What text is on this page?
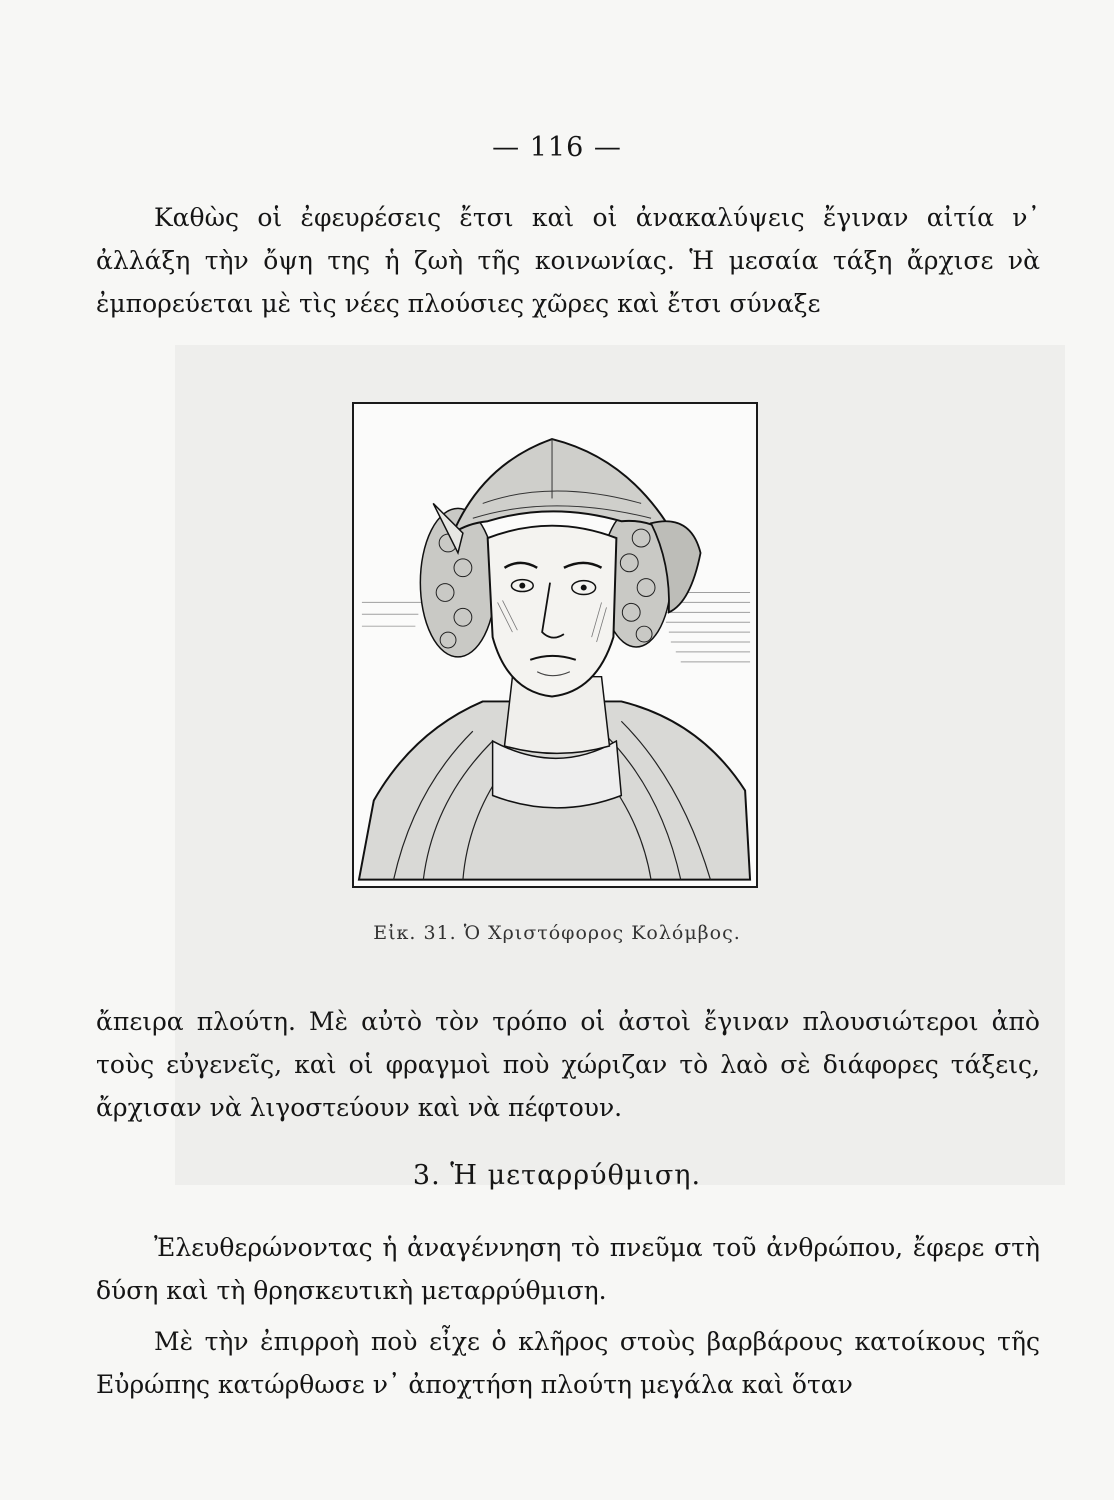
— 116 —
Καθὼς οἱ ἐφευρέσεις ἔτσι καὶ οἱ ἀνακαλύψεις ἔγιναν αἰτία ν᾽ ἀλλάξη τὴν ὄψη της ἡ ζωὴ τῆς κοινωνίας. Ἡ μεσαία τάξη ἄρχισε νὰ ἐμπορεύεται μὲ τὶς νέες πλούσιες χῶρες καὶ ἔτσι σύναξε
Εἰκ. 31. Ὁ Χριστόφορος Κολόμβος.
ἄπειρα πλούτη. Μὲ αὐτὸ τὸν τρόπο οἱ ἀστοὶ ἔγιναν πλουσιώτεροι ἀπὸ τοὺς εὐγενεῖς, καὶ οἱ φραγμοὶ ποὺ χώριζαν τὸ λαὸ σὲ διάφορες τάξεις, ἄρχισαν νὰ λιγοστεύουν καὶ νὰ πέφτουν.
3. Ἡ μεταρρύθμιση.
Ἐλευθερώνοντας ἡ ἀναγέννηση τὸ πνεῦμα τοῦ ἀνθρώπου, ἔφερε στὴ δύση καὶ τὴ θρησκευτικὴ μεταρρύθμιση.
Μὲ τὴν ἐπιρροὴ ποὺ εἶχε ὁ κλῆρος στοὺς βαρβάρους κατοίκους τῆς Εὐρώπης κατώρθωσε ν᾽ ἀποχτήση πλούτη μεγάλα καὶ ὅταν
